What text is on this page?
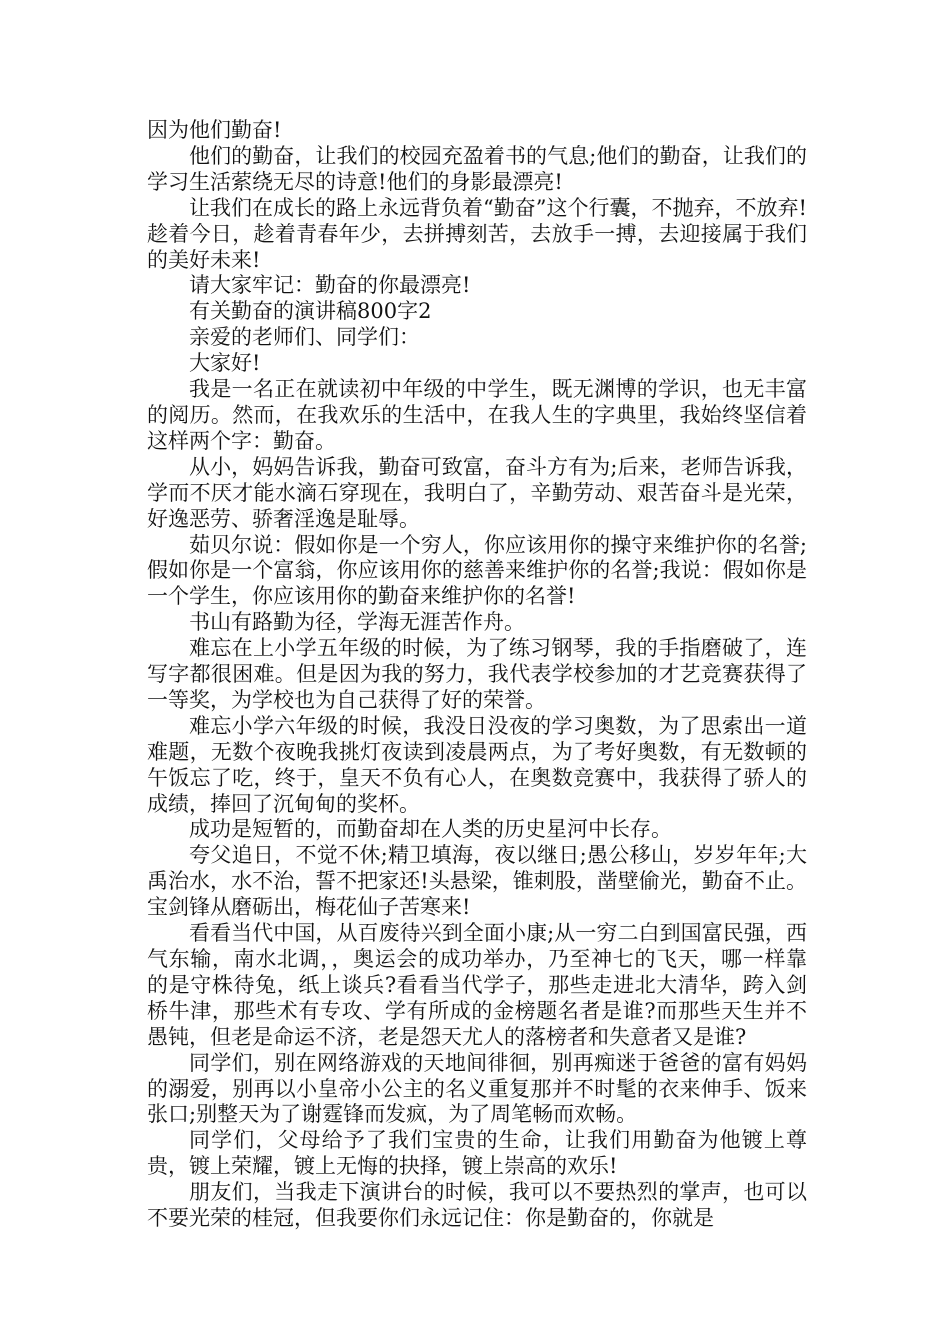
因为他们勤奋!

他们的勤奋，让我们的校园充盈着书的气息;他们的勤奋，让我们的学习生活萦绕无尽的诗意!他们的身影最漂亮!

让我们在成长的路上永远背负着“勤奋”这个行囊，不抛弃，不放弃!趁着今日，趁着青春年少，去拼搏刻苦，去放手一搏，去迎接属于我们的美好未来!

请大家牢记：勤奋的你最漂亮!

有关勤奋的演讲稿800字2

亲爱的老师们、同学们：

大家好!

我是一名正在就读初中年级的中学生，既无渊博的学识，也无丰富的阅历。然而，在我欢乐的生活中，在我人生的字典里，我始终坚信着这样两个字：勤奋。

从小，妈妈告诉我，勤奋可致富，奋斗方有为;后来，老师告诉我，学而不厌才能水滴石穿现在，我明白了，辛勤劳动、艰苦奋斗是光荣，好逸恶劳、骄奢淫逸是耻辱。

茹贝尔说：假如你是一个穷人，你应该用你的操守来维护你的名誉;假如你是一个富翁，你应该用你的慈善来维护你的名誉;我说：假如你是一个学生，你应该用你的勤奋来维护你的名誉!

书山有路勤为径，学海无涯苦作舟。

难忘在上小学五年级的时候，为了练习钢琴，我的手指磨破了，连写字都很困难。但是因为我的努力，我代表学校参加的才艺竞赛获得了一等奖，为学校也为自己获得了好的荣誉。

难忘小学六年级的时候，我没日没夜的学习奥数，为了思索出一道难题，无数个夜晚我挑灯夜读到凌晨两点，为了考好奥数，有无数顿的午饭忘了吃，终于，皇天不负有心人，在奥数竞赛中，我获得了骄人的成绩，捧回了沉甸甸的奖杯。

成功是短暂的，而勤奋却在人类的历史星河中长存。

夸父追日，不觉不休;精卫填海，夜以继日;愚公移山，岁岁年年;大禹治水，水不治，誓不把家还!头悬梁，锥刺股，凿壁偷光，勤奋不止。宝剑锋从磨砺出，梅花仙子苦寒来!

看看当代中国，从百废待兴到全面小康;从一穷二白到国富民强，西气东输，南水北调，，奥运会的成功举办，乃至神七的飞天，哪一样靠的是守株待兔，纸上谈兵?看看当代学子，那些走进北大清华，跨入剑桥牛津，那些术有专攻、学有所成的金榜题名者是谁?而那些天生并不愚钝，但老是命运不济，老是怨天尤人的落榜者和失意者又是谁?

同学们，别在网络游戏的天地间徘徊，别再痴迷于爸爸的富有妈妈的溺爱，别再以小皇帝小公主的名义重复那并不时髦的衣来伸手、饭来张口;别整天为了谢霆锋而发疯，为了周笔畅而欢畅。

同学们，父母给予了我们宝贵的生命，让我们用勤奋为他镀上尊贵，镀上荣耀，镀上无悔的抉择，镀上崇高的欢乐!

朋友们，当我走下演讲台的时候，我可以不要热烈的掌声，也可以不要光荣的桂冠，但我要你们永远记住：你是勤奋的，你就是
